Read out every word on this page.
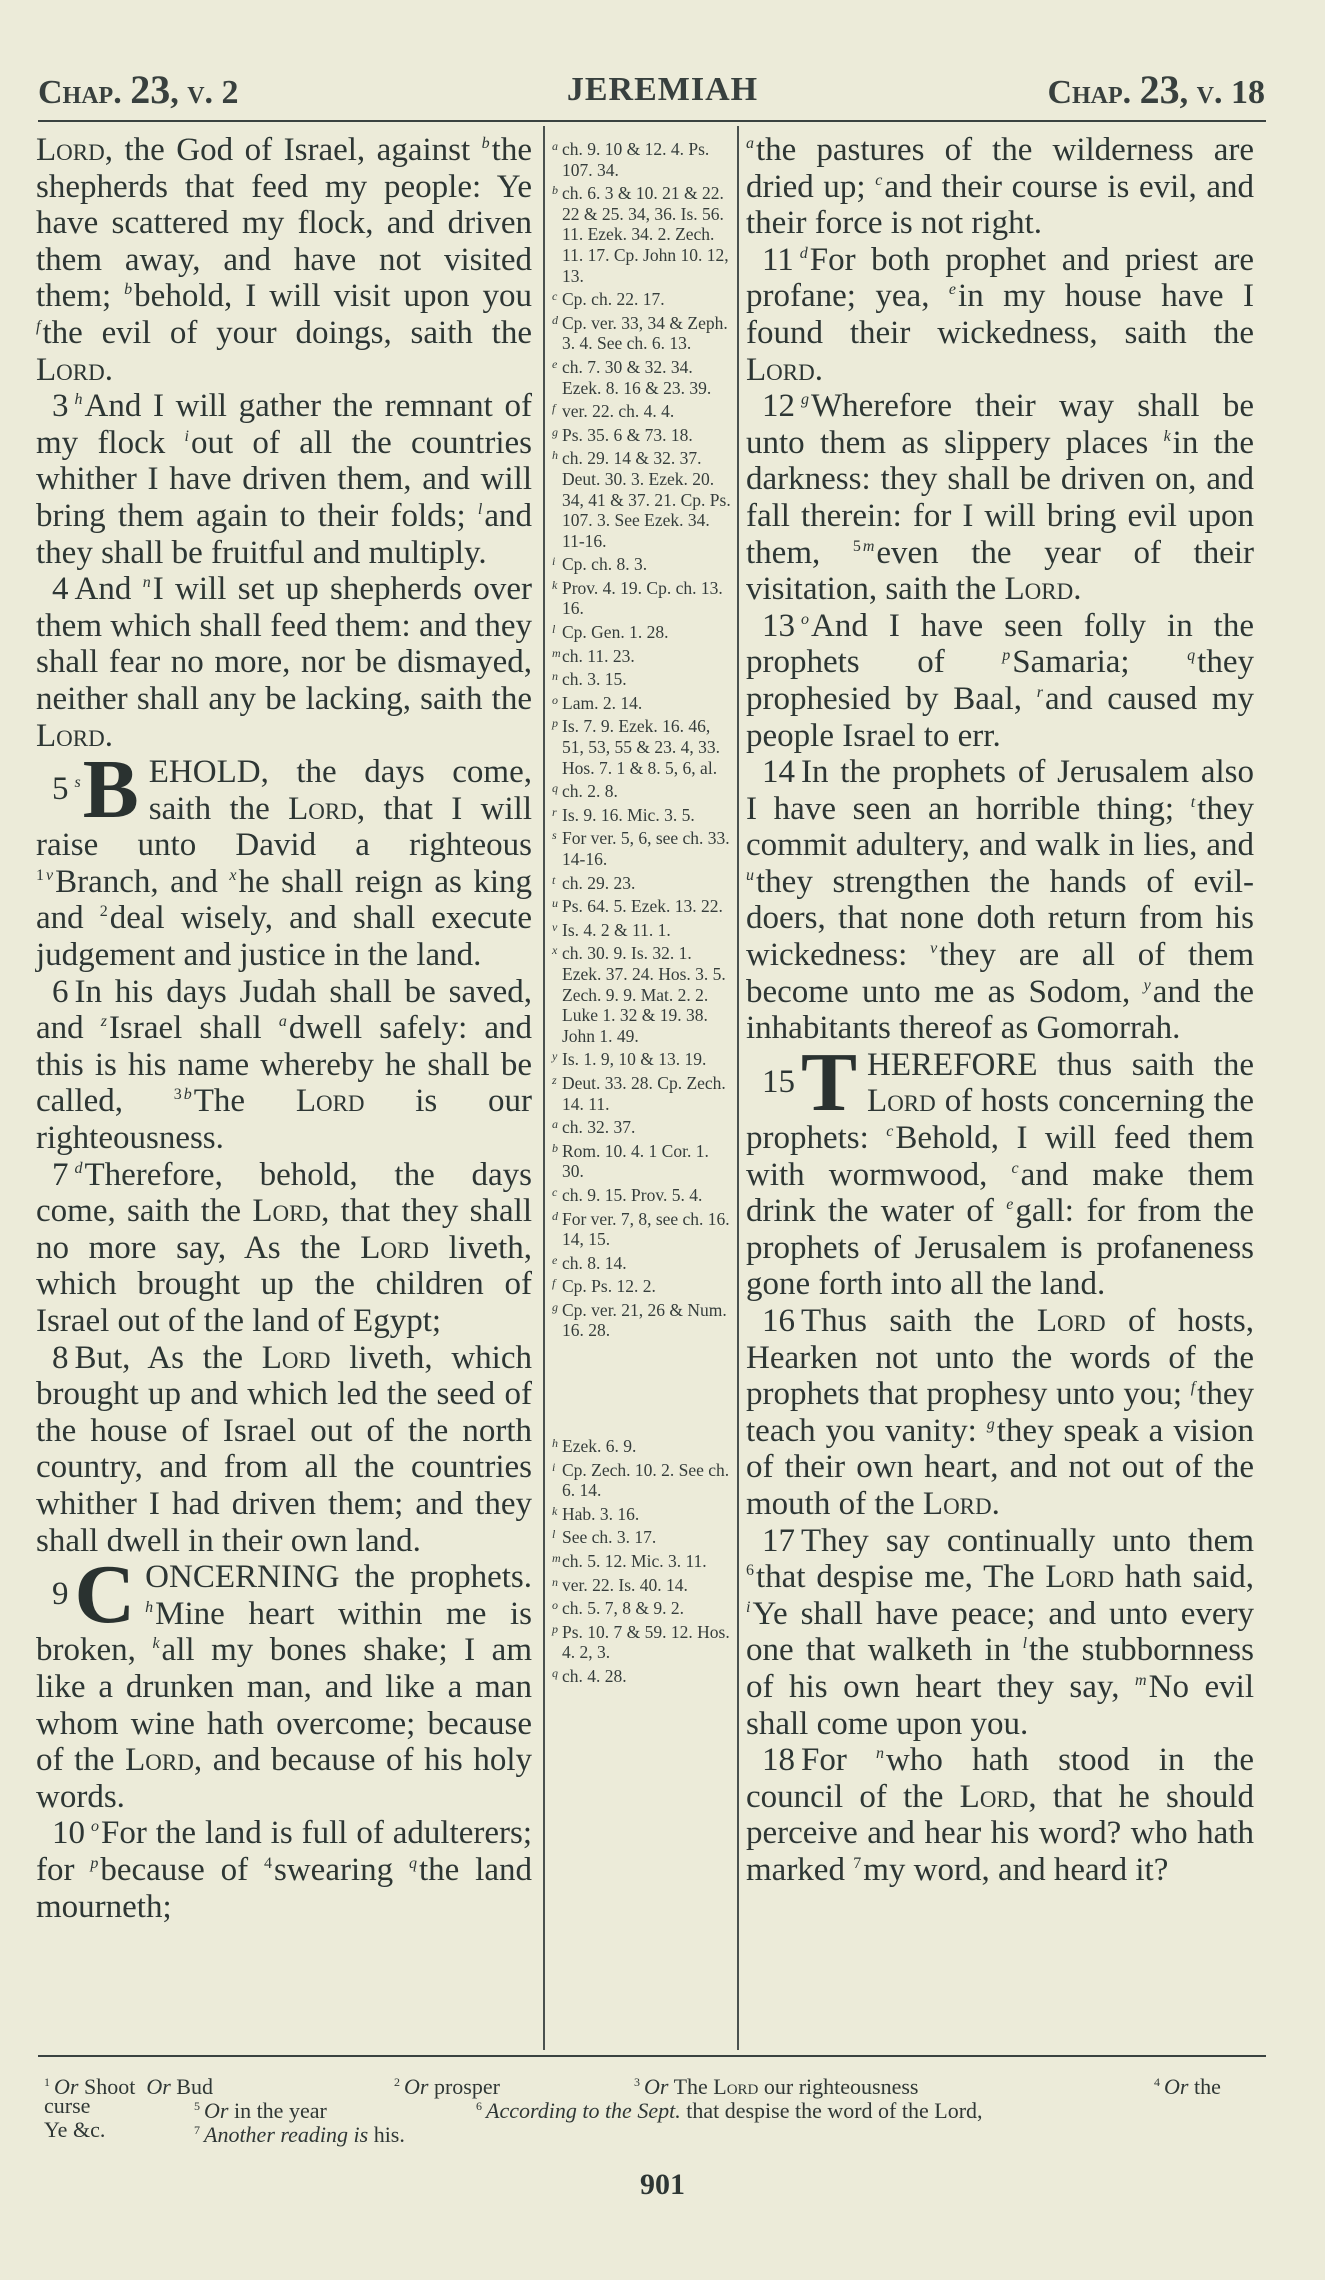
Chap. 23, v. 2	JEREMIAH	Chap. 23, v. 18

Lord, the God of Israel, against $^b$the shepherds that feed my people: Ye have scattered my flock, and driven them away, and have not visited them; $^b$behold, I will visit upon you $^f$the evil of your doings, saith the Lord.

3 $^h$And I will gather the remnant of my flock $^i$out of all the countries whither I have driven them, and will bring them again to their folds; $^l$and they shall be fruitful and multiply.

4 And $^n$I will set up shepherds over them which shall feed them: and they shall fear no more, nor be dismayed, neither shall any be lacking, saith the Lord.

5 $^s$B EHOLD, the days come, saith the Lord, that I will raise unto David a righteous $^1$ $^v$Branch, and $^x$he shall reign as king and $^2$deal wisely, and shall execute judgement and justice in the land.

6 In his days Judah shall be saved, and $^z$Israel shall $^a$dwell safely: and this is his name whereby he shall be called, $^3$ $^b$The Lord is our righteousness.

7 $^d$Therefore, behold, the days come, saith the Lord, that they shall no more say, As the Lord liveth, which brought up the children of Israel out of the land of Egypt;

8 But, As the Lord liveth, which brought up and which led the seed of the house of Israel out of the north country, and from all the countries whither I had driven them; and they shall dwell in their own land.

9C ONCERNING the prophets. $^h$Mine heart within me is broken, $^k$all my bones shake; I am like a drunken man, and like a man whom wine hath overcome; because of the Lord, and because of his holy words.

10 $^o$For the land is full of adulterers; for $^p$because of $^4$swearing $^q$the land mourneth;

a ch. 9. 10 & 12. 4. Ps. 107. 34.
b ch. 6. 3 & 10. 21 & 22. 22 & 25. 34, 36. Is. 56. 11. Ezek. 34. 2. Zech. 11. 17. Cp. John 10. 12, 13.
c Cp. ch. 22. 17.
d Cp. ver. 33, 34 & Zeph. 3. 4. See ch. 6. 13.
e ch. 7. 30 & 32. 34. Ezek. 8. 16 & 23. 39.
f ver. 22. ch. 4. 4.
g Ps. 35. 6 & 73. 18.
h ch. 29. 14 & 32. 37. Deut. 30. 3. Ezek. 20. 34, 41 & 37. 21. Cp. Ps. 107. 3. See Ezek. 34. 11-16.
i Cp. ch. 8. 3.
k Prov. 4. 19. Cp. ch. 13. 16.
l Cp. Gen. 1. 28.
mch. 11. 23.
n ch. 3. 15.
o Lam. 2. 14.
p Is. 7. 9. Ezek. 16. 46, 51, 53, 55 & 23. 4, 33. Hos. 7. 1 & 8. 5, 6, al.
q ch. 2. 8.
r Is. 9. 16. Mic. 3. 5.
s For ver. 5, 6, see ch. 33. 14-16.
t ch. 29. 23.
u Ps. 64. 5. Ezek. 13. 22.
v Is. 4. 2 & 11. 1.
x ch. 30. 9. Is. 32. 1. Ezek. 37. 24. Hos. 3. 5. Zech. 9. 9. Mat. 2. 2. Luke 1. 32 & 19. 38. John 1. 49.
y Is. 1. 9, 10 & 13. 19.
z Deut. 33. 28. Cp. Zech. 14. 11.
a ch. 32. 37.
b Rom. 10. 4. 1 Cor. 1. 30.
c ch. 9. 15. Prov. 5. 4.
d For ver. 7, 8, see ch. 16. 14, 15.
e ch. 8. 14.
f Cp. Ps. 12. 2.
g Cp. ver. 21, 26 & Num. 16. 28.
h Ezek. 6. 9.
i Cp. Zech. 10. 2. See ch. 6. 14.
k Hab. 3. 16.
l See ch. 3. 17.
mch. 5. 12. Mic. 3. 11.
n ver. 22. Is. 40. 14.
o ch. 5. 7, 8 & 9. 2.
p Ps. 10. 7 & 59. 12. Hos. 4. 2, 3.
q ch. 4. 28.

$^a$the pastures of the wilderness are dried up; $^c$and their course is evil, and their force is not right.

11 $^d$For both prophet and priest are profane; yea, $^e$in my house have I found their wickedness, saith the Lord.

12 $^g$Wherefore their way shall be unto them as slippery places $^k$in the darkness: they shall be driven on, and fall therein: for I will bring evil upon them, $^5$ $^m$even the year of their visitation, saith the Lord.

13 $^o$And I have seen folly in the prophets of $^p$Samaria; $^q$they prophesied by Baal, $^r$and caused my people Israel to err.

14 In the prophets of Jerusalem also I have seen an horrible thing; $^t$they commit adultery, and walk in lies, and $^u$they strengthen the hands of evil-doers, that none doth return from his wickedness: $^v$they are all of them become unto me as Sodom, $^y$and the inhabitants thereof as Gomorrah.

15T HEREFORE thus saith the Lord of hosts concerning the prophets: $^c$Behold, I will feed them with wormwood, $^c$and make them drink the water of $^e$gall: for from the prophets of Jerusalem is profaneness gone forth into all the land.

16 Thus saith the Lord of hosts, Hearken not unto the words of the prophets that prophesy unto you; $^f$they teach you vanity: $^g$they speak a vision of their own heart, and not out of the mouth of the Lord.

17 They say continually unto them $^6$that despise me, The Lord hath said, $^i$Ye shall have peace; and unto every one that walketh in $^l$the stubbornness of his own heart they say, $^m$No evil shall come upon you.

18 For $^n$who hath stood in the council of the Lord, that he should perceive and hear his word? who hath marked $^7$my word, and heard it?

$^1$ Or Shoot Or Bud	$^2$ Or prosper	$^3$ Or The Lord our righteousness	$^4$ Or the
curse	$^5$ Or in the year	$^6$ According to the Sept. that despise the word of the Lord,
Ye &c.	$^7$ Another reading is his.
901
